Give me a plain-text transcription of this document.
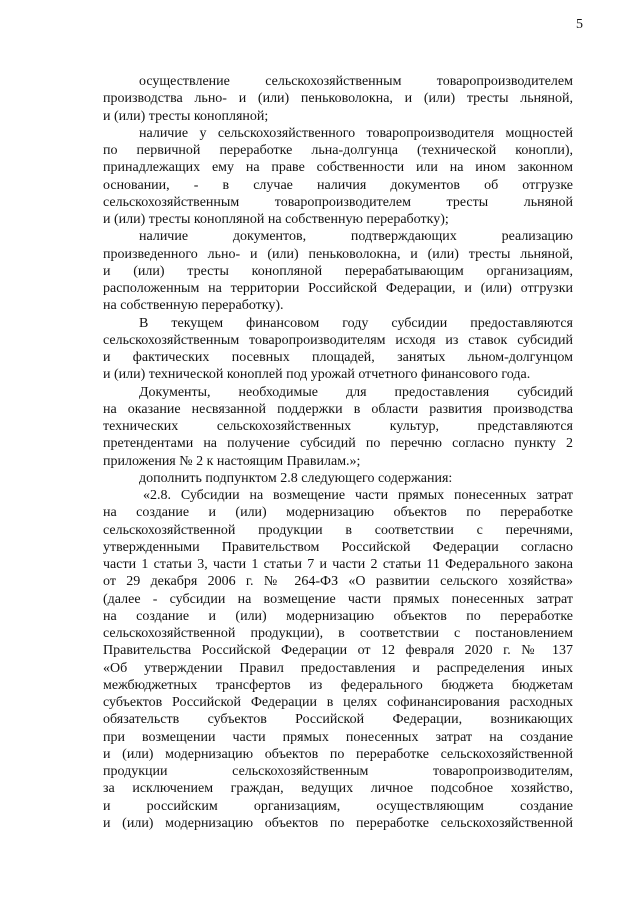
5
осуществление сельскохозяйственным товаропроизводителем
производства льно- и (или) пеньковолокна, и (или) тресты льняной,
и (или) тресты конопляной;
наличие у сельскохозяйственного товаропроизводителя мощностей
по первичной переработке льна-долгунца (технической конопли),
принадлежащих ему на праве собственности или на ином законном
основании, - в случае наличия документов об отгрузке
сельскохозяйственным товаропроизводителем тресты льняной
и (или) тресты конопляной на собственную переработку);
наличие документов, подтверждающих реализацию
произведенного льно- и (или) пеньковолокна, и (или) тресты льняной,
и (или) тресты конопляной перерабатывающим организациям,
расположенным на территории Российской Федерации, и (или) отгрузки
на собственную переработку).
В текущем финансовом году субсидии предоставляются
сельскохозяйственным товаропроизводителям исходя из ставок субсидий
и фактических посевных площадей, занятых льном-долгунцом
и (или) технической коноплей под урожай отчетного финансового года.
Документы, необходимые для предоставления субсидий
на оказание несвязанной поддержки в области развития производства
технических сельскохозяйственных культур, представляются
претендентами на получение субсидий по перечню согласно пункту 2
приложения № 2 к настоящим Правилам.»;
дополнить подпунктом 2.8 следующего содержания:
«2.8. Субсидии на возмещение части прямых понесенных затрат
на создание и (или) модернизацию объектов по переработке
сельскохозяйственной продукции в соответствии с перечнями,
утвержденными Правительством Российской Федерации согласно
части 1 статьи 3, части 1 статьи 7 и части 2 статьи 11 Федерального закона
от 29 декабря 2006 г. № 264-ФЗ «О развитии сельского хозяйства»
(далее - субсидии на возмещение части прямых понесенных затрат
на создание и (или) модернизацию объектов по переработке
сельскохозяйственной продукции), в соответствии с постановлением
Правительства Российской Федерации от 12 февраля 2020 г. № 137
«Об утверждении Правил предоставления и распределения иных
межбюджетных трансфертов из федерального бюджета бюджетам
субъектов Российской Федерации в целях софинансирования расходных
обязательств субъектов Российской Федерации, возникающих
при возмещении части прямых понесенных затрат на создание
и (или) модернизацию объектов по переработке сельскохозяйственной
продукции сельскохозяйственным товаропроизводителям,
за исключением граждан, ведущих личное подсобное хозяйство,
и российским организациям, осуществляющим создание
и (или) модернизацию объектов по переработке сельскохозяйственной
